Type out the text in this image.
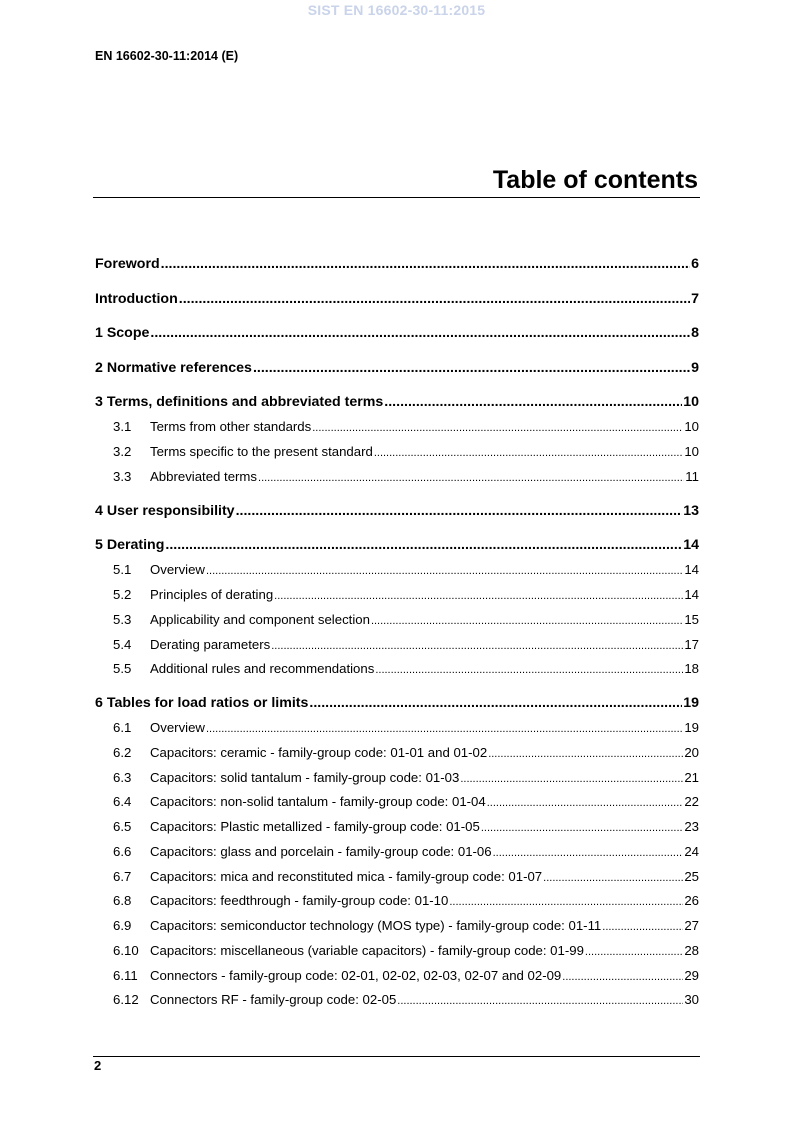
SIST EN 16602-30-11:2015
EN 16602-30-11:2014 (E)
Table of contents
Foreword .....	6
Introduction .....	7
1 Scope .....	8
2 Normative references .....	9
3 Terms, definitions and abbreviated terms .....	10
3.1	Terms from other standards .....	10
3.2	Terms specific to the present standard .....	10
3.3	Abbreviated terms .....	11
4 User responsibility .....	13
5 Derating .....	14
5.1	Overview .....	14
5.2	Principles of derating .....	14
5.3	Applicability and component selection .....	15
5.4	Derating parameters .....	17
5.5	Additional rules and recommendations .....	18
6 Tables for load ratios or limits .....	19
6.1	Overview .....	19
6.2	Capacitors: ceramic - family-group code: 01-01 and 01-02 .....	20
6.3	Capacitors: solid tantalum - family-group code: 01-03 .....	21
6.4	Capacitors: non-solid tantalum - family-group code: 01-04 .....	22
6.5	Capacitors: Plastic metallized - family-group code: 01-05 .....	23
6.6	Capacitors: glass and porcelain - family-group code: 01-06 .....	24
6.7	Capacitors: mica and reconstituted mica - family-group code: 01-07 .....	25
6.8	Capacitors: feedthrough - family-group code: 01-10 .....	26
6.9	Capacitors: semiconductor technology (MOS type) - family-group code: 01-11 .....	27
6.10 Capacitors: miscellaneous (variable capacitors) - family-group code: 01-99 .....	28
6.11 Connectors - family-group code: 02-01, 02-02, 02-03, 02-07 and 02-09 .....	29
6.12 Connectors RF - family-group code: 02-05 .....	30
2
